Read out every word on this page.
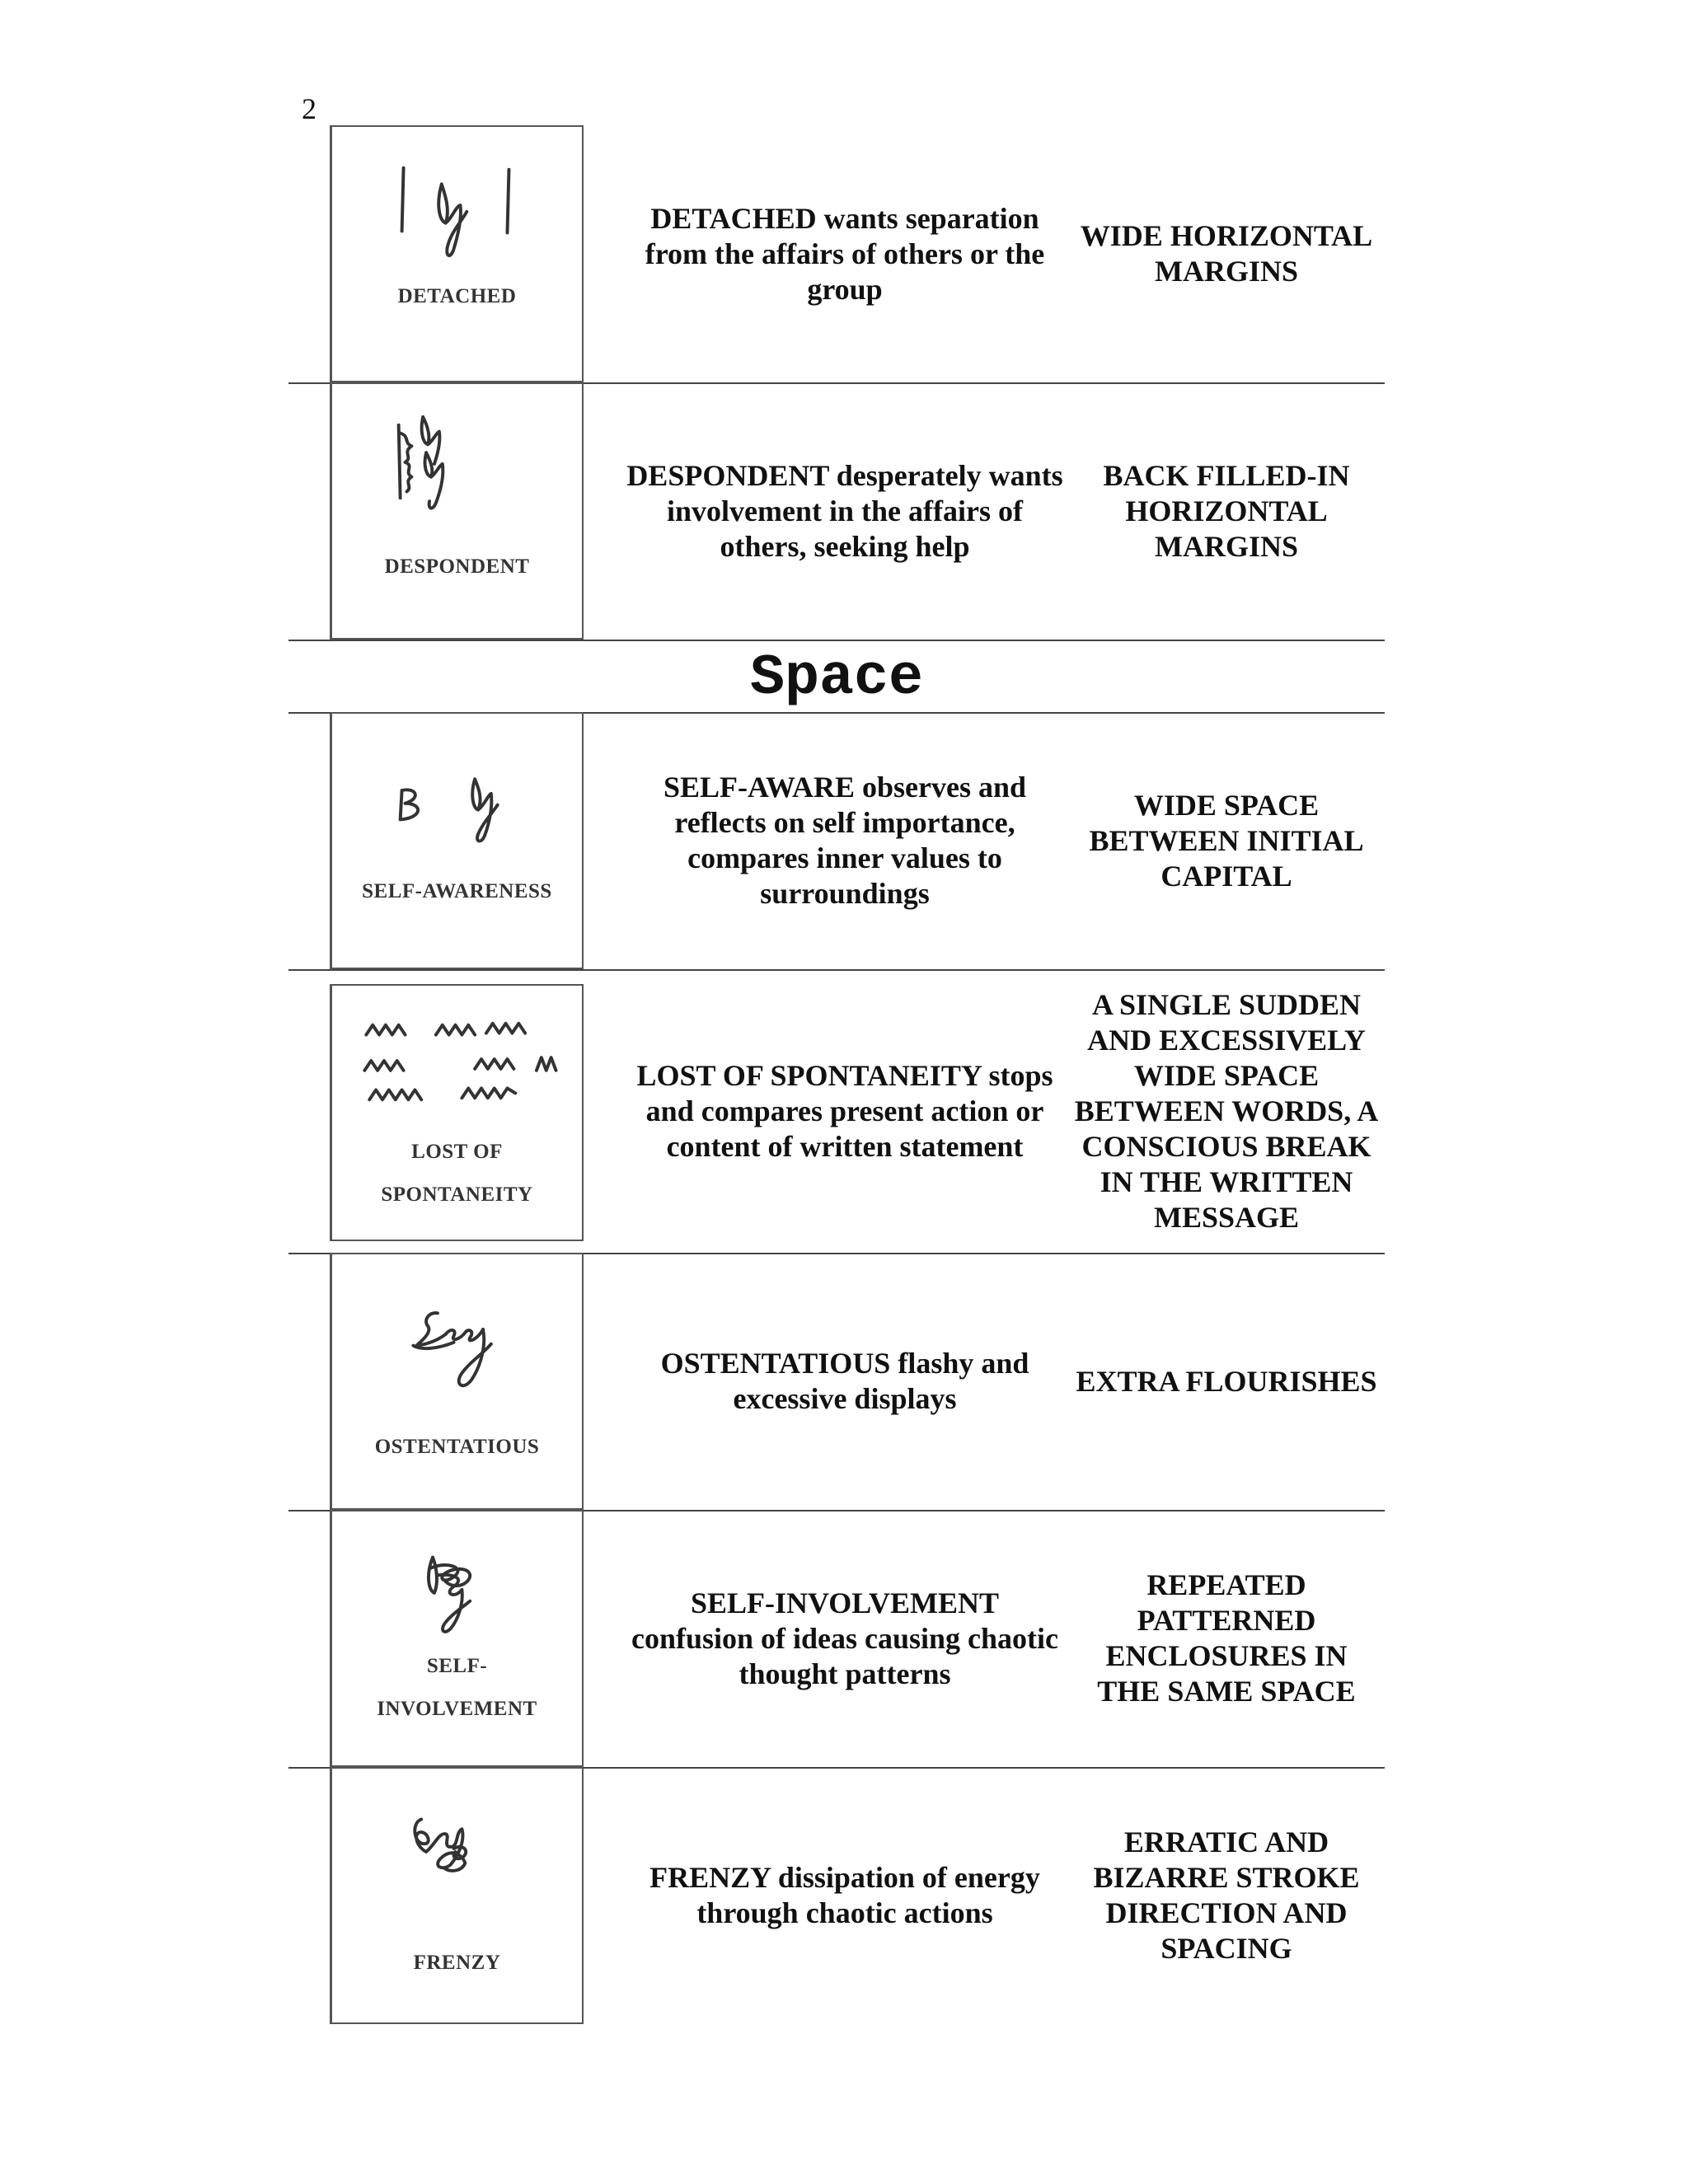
2
Space
DETACHED
DETACHED wants separation from the affairs of others or the group
WIDE HORIZONTAL MARGINS
DESPONDENT
DESPONDENT desperately wants involvement in the affairs of others, seeking help
BACK FILLED-IN HORIZONTAL MARGINS
SELF-AWARENESS
SELF-AWARE observes and reflects on self importance, compares inner values to surroundings
WIDE SPACE BETWEEN INITIAL CAPITAL
LOST OF
SPONTANEITY
LOST OF SPONTANEITY stops and compares present action or content of written statement
A SINGLE SUDDEN AND EXCESSIVELY WIDE SPACE BETWEEN WORDS, A CONSCIOUS BREAK IN THE WRITTEN MESSAGE
OSTENTATIOUS
OSTENTATIOUS flashy and excessive displays
EXTRA FLOURISHES
SELF-
INVOLVEMENT
SELF-INVOLVEMENT confusion of ideas causing chaotic thought patterns
REPEATED PATTERNED ENCLOSURES IN THE SAME SPACE
FRENZY
FRENZY dissipation of energy through chaotic actions
ERRATIC AND BIZARRE STROKE DIRECTION AND SPACING
